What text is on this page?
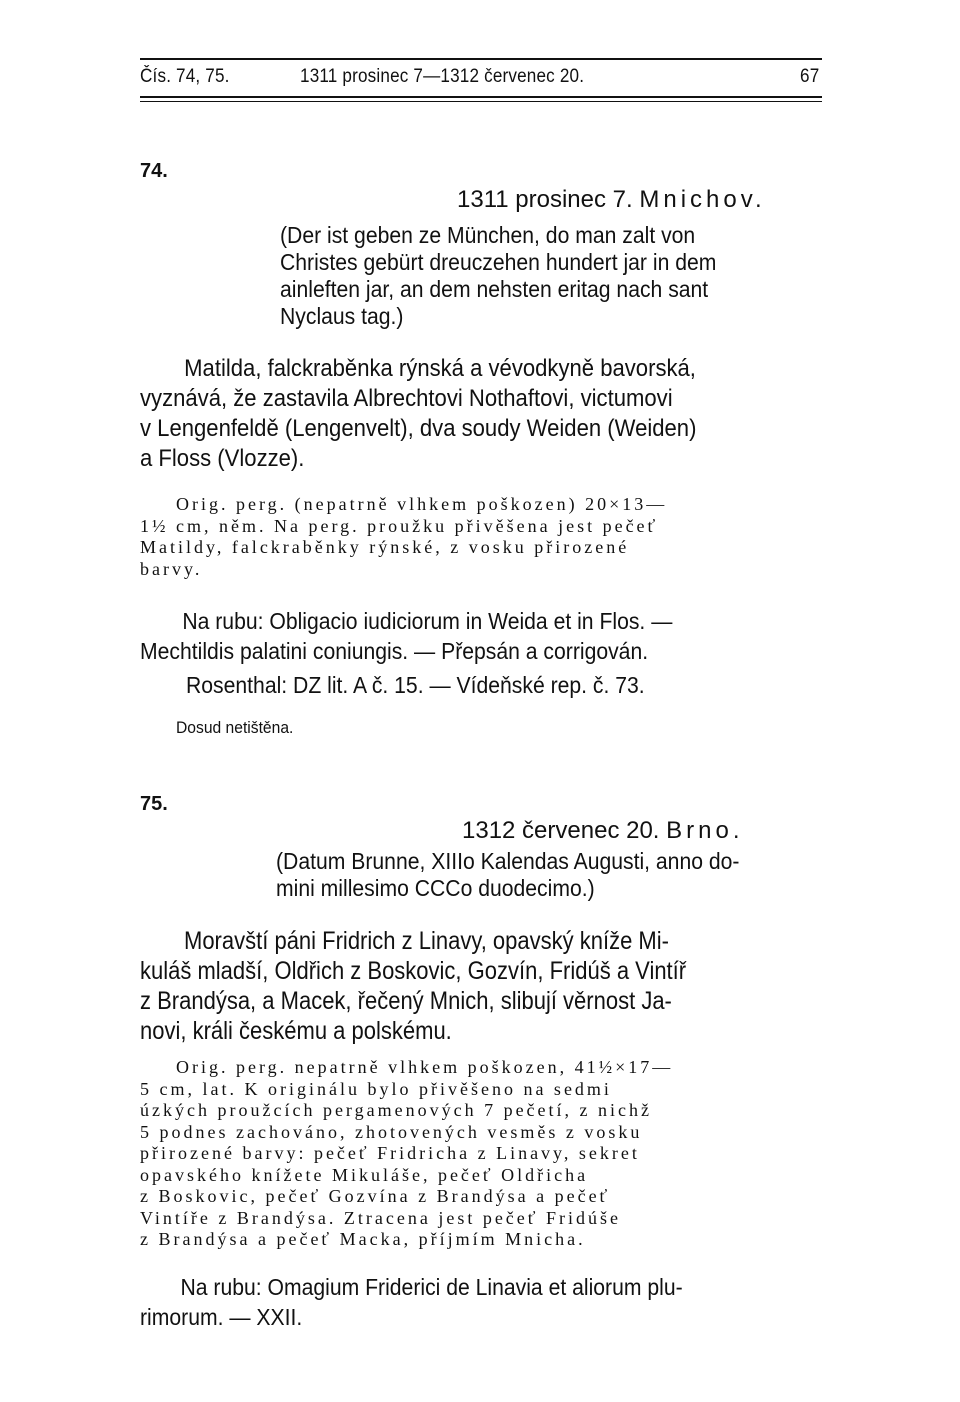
Čís. 74, 75.	1311 prosinec 7—1312 červenec 20.	67
74.
1311 prosinec 7. Mnichov.
(Der ist geben ze München, do man zalt von
Christes gebürt dreuczehen hundert jar in dem
ainleften jar, an dem nehsten eritag nach sant
Nyclaus tag.)
Matilda, falckraběnka rýnská a vévodkyně bavorská,
vyznává, že zastavila Albrechtovi Nothaftovi, victumovi
v Lengenfeldě (Lengenvelt), dva soudy Weiden (Weiden)
a Floss (Vlozze).
Orig. perg. (nepatrně vlhkem poškozen) 20×13—
1½ cm, něm. Na perg. proužku přivěšena jest pečeť
Matildy, falckraběnky rýnské, z vosku přirozené
barvy.
Na rubu: Obligacio iudiciorum in Weida et in Flos. —
Mechtildis palatini coniungis. — Přepsán a corrigován.
Rosenthal: DZ lit. A č. 15. — Vídeňské rep. č. 73.
Dosud netištěna.
75.
1312 červenec 20. Brno.
(Datum Brunne, XIIIo Kalendas Augusti, anno do-
mini millesimo CCCo duodecimo.)
Moravští páni Fridrich z Linavy, opavský kníže Mi-
kuláš mladší, Oldřich z Boskovic, Gozvín, Fridúš a Vintíř
z Brandýsa, a Macek, řečený Mnich, slibují věrnost Ja-
novi, králi českému a polskému.
Orig. perg. nepatrně vlhkem poškozen, 41½×17—
5 cm, lat. K originálu bylo přivěšeno na sedmi
úzkých proužcích pergamenových 7 pečetí, z nichž
5 podnes zachováno, zhotovených vesměs z vosku
přirozené barvy: pečeť Fridricha z Linavy, sekret
opavského knížete Mikuláše, pečeť Oldřicha
z Boskovic, pečeť Gozvína z Brandýsa a pečeť
Vintíře z Brandýsa. Ztracena jest pečeť Fridúše
z Brandýsa a pečeť Macka, příjmím Mnicha.
Na rubu: Omagium Friderici de Linavia et aliorum plu-
rimorum. — XXII.
